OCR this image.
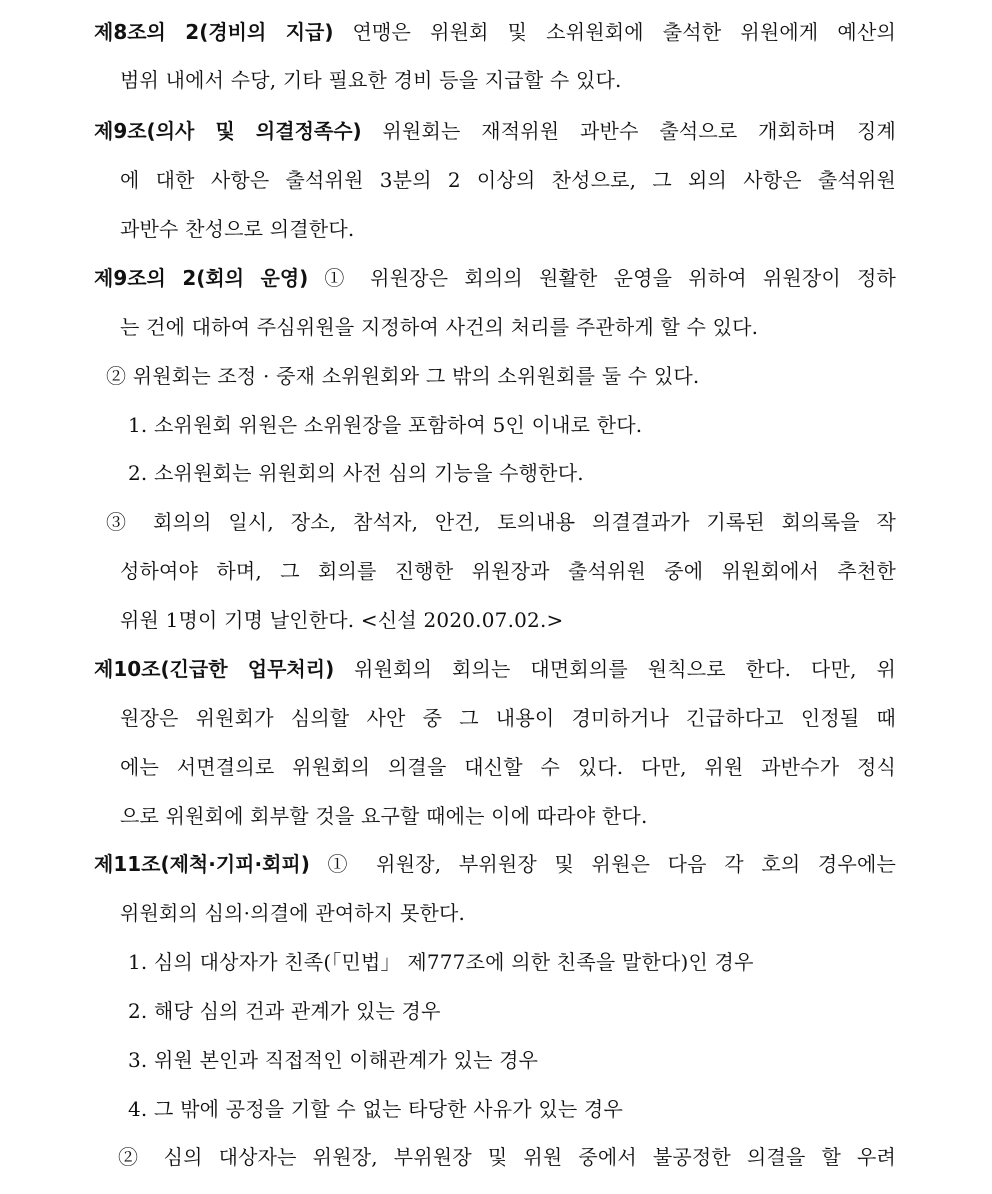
제8조의 2(경비의 지급) 연맹은 위원회 및 소위원회에 출석한 위원에게 예산의
범위 내에서 수당, 기타 필요한 경비 등을 지급할 수 있다.
제9조(의사 및 의결정족수) 위원회는 재적위원 과반수 출석으로 개회하며 징계
에 대한 사항은 출석위원 3분의 2 이상의 찬성으로, 그 외의 사항은 출석위원
과반수 찬성으로 의결한다.
제9조의 2(회의 운영) ① 위원장은 회의의 원활한 운영을 위하여 위원장이 정하
는 건에 대하여 주심위원을 지정하여 사건의 처리를 주관하게 할 수 있다.
② 위원회는 조정 · 중재 소위원회와 그 밖의 소위원회를 둘 수 있다.
1. 소위원회 위원은 소위원장을 포함하여 5인 이내로 한다.
2. 소위원회는 위원회의 사전 심의 기능을 수행한다.
③ 회의의 일시, 장소, 참석자, 안건, 토의내용 의결결과가 기록된 회의록을 작
성하여야 하며, 그 회의를 진행한 위원장과 출석위원 중에 위원회에서 추천한
위원 1명이 기명 날인한다. <신설 2020.07.02.>
제10조(긴급한 업무처리) 위원회의 회의는 대면회의를 원칙으로 한다. 다만, 위
원장은 위원회가 심의할 사안 중 그 내용이 경미하거나 긴급하다고 인정될 때
에는 서면결의로 위원회의 의결을 대신할 수 있다. 다만, 위원 과반수가 정식
으로 위원회에 회부할 것을 요구할 때에는 이에 따라야 한다.
제11조(제척·기피·회피) ① 위원장, 부위원장 및 위원은 다음 각 호의 경우에는
위원회의 심의·의결에 관여하지 못한다.
1. 심의 대상자가 친족(「민법」 제777조에 의한 친족을 말한다)인 경우
2. 해당 심의 건과 관계가 있는 경우
3. 위원 본인과 직접적인 이해관계가 있는 경우
4. 그 밖에 공정을 기할 수 없는 타당한 사유가 있는 경우
② 심의 대상자는 위원장, 부위원장 및 위원 중에서 불공정한 의결을 할 우려
